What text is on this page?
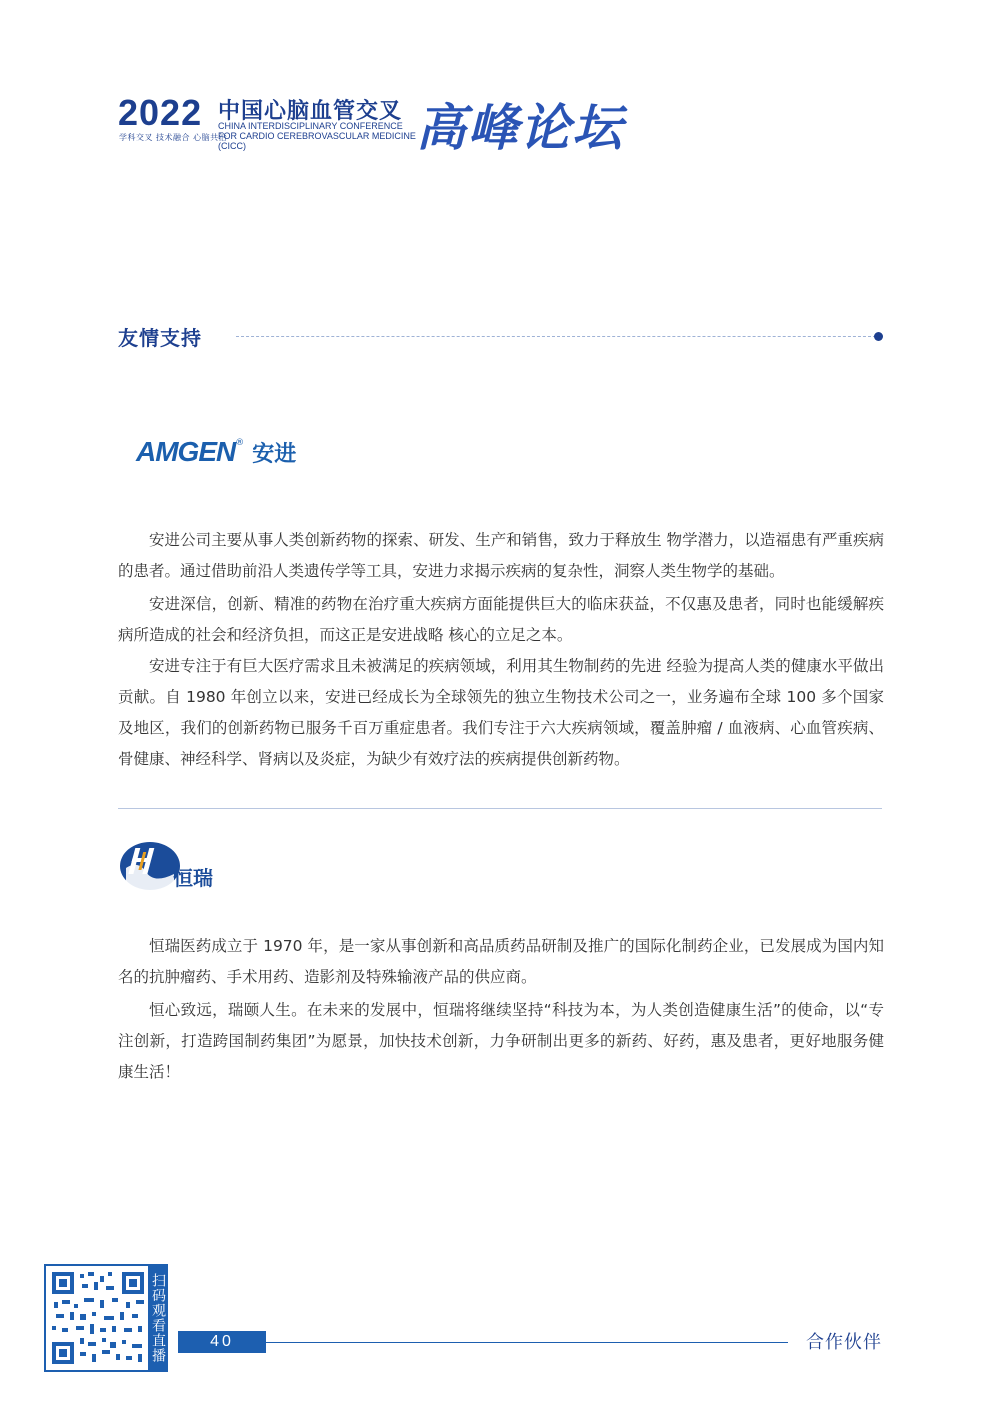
2022
学科交叉 技术融合 心脑共治
中国心脑血管交叉
CHINA INTERDISCIPLINARY CONFERENCE FOR CARDIO CEREBROVASCULAR MEDICINE (CICC)	高峰论坛
友情支持
AMGEN® 安进

安进公司主要从事人类创新药物的探索、研发、生产和销售，致力于释放生 物学潜力，以造福患有严重疾病的患者。通过借助前沿人类遗传学等工具，安进力求揭示疾病的复杂性，洞察人类生物学的基础。

安进深信，创新、精准的药物在治疗重大疾病方面能提供巨大的临床获益，不仅惠及患者，同时也能缓解疾病所造成的社会和经济负担，而这正是安进战略 核心的立足之本。

安进专注于有巨大医疗需求且未被满足的疾病领域，利用其生物制药的先进 经验为提高人类的健康水平做出贡献。自 1980 年创立以来，安进已经成长为全球领先的独立生物技术公司之一，业务遍布全球 100 多个国家及地区，我们的创新药物已服务千百万重症患者。我们专注于六大疾病领域，覆盖肿瘤 / 血液病、心血管疾病、骨健康、神经科学、肾病以及炎症，为缺少有效疗法的疾病提供创新药物。

恒瑞

恒瑞医药成立于 1970 年，是一家从事创新和高品质药品研制及推广的国际化制药企业，已发展成为国内知名的抗肿瘤药、手术用药、造影剂及特殊输液产品的供应商。

恒心致远，瑞颐人生。在未来的发展中，恒瑞将继续坚持“科技为本，为人类创造健康生活”的使命，以“专注创新，打造跨国制药集团”为愿景，加快技术创新，力争研制出更多的新药、好药，惠及患者，更好地服务健康生活！

扫码观看直播	40	合作伙伴
